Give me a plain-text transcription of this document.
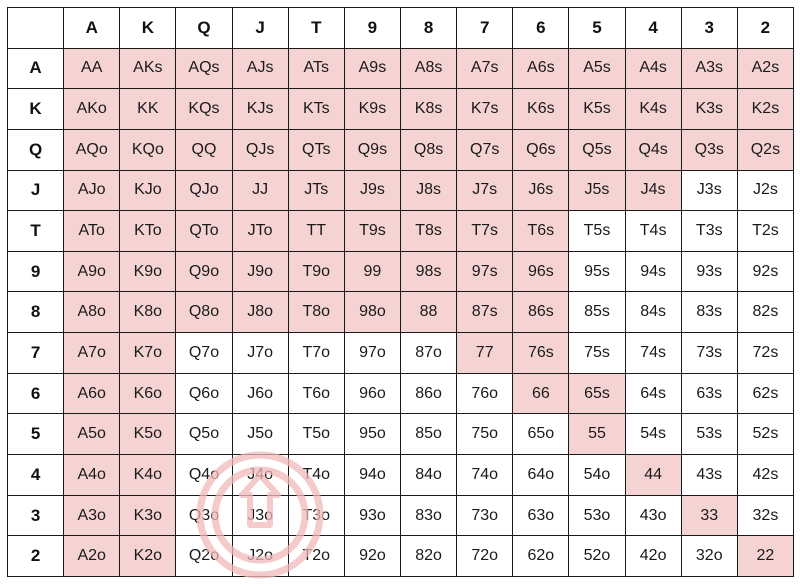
	A	K	Q	J	T	9	8	7	6	5	4	3	2
A	AA	AKs	AQs	AJs	ATs	A9s	A8s	A7s	A6s	A5s	A4s	A3s	A2s
K	AKo	KK	KQs	KJs	KTs	K9s	K8s	K7s	K6s	K5s	K4s	K3s	K2s
Q	AQo	KQo	QQ	QJs	QTs	Q9s	Q8s	Q7s	Q6s	Q5s	Q4s	Q3s	Q2s
J	AJo	KJo	QJo	JJ	JTs	J9s	J8s	J7s	J6s	J5s	J4s	J3s	J2s
T	ATo	KTo	QTo	JTo	TT	T9s	T8s	T7s	T6s	T5s	T4s	T3s	T2s
9	A9o	K9o	Q9o	J9o	T9o	99	98s	97s	96s	95s	94s	93s	92s
8	A8o	K8o	Q8o	J8o	T8o	98o	88	87s	86s	85s	84s	83s	82s
7	A7o	K7o	Q7o	J7o	T7o	97o	87o	77	76s	75s	74s	73s	72s
6	A6o	K6o	Q6o	J6o	T6o	96o	86o	76o	66	65s	64s	63s	62s
5	A5o	K5o	Q5o	J5o	T5o	95o	85o	75o	65o	55	54s	53s	52s
4	A4o	K4o	Q4o	J4o	T4o	94o	84o	74o	64o	54o	44	43s	42s
3	A3o	K3o	Q3o	J3o	T3o	93o	83o	73o	63o	53o	43o	33	32s
2	A2o	K2o	Q2o	J2o	T2o	92o	82o	72o	62o	52o	42o	32o	22
